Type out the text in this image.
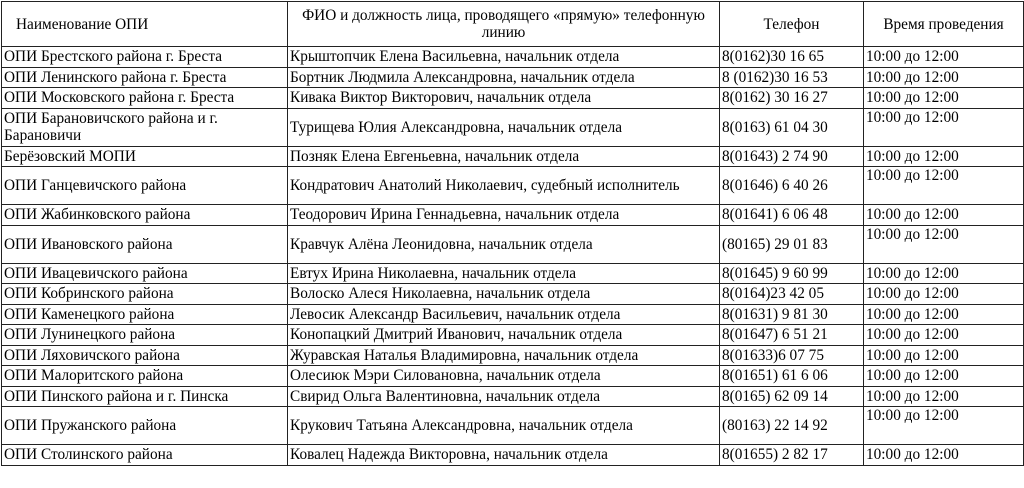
Наименование ОПИ	ФИО и должность лица, проводящего «прямую» телефонную линию	Телефон	Время проведения
ОПИ Брестского района г. Бреста	Крыштопчик Елена Васильевна, начальник отдела	8(0162)30 16 65	10:00 до 12:00
ОПИ Ленинского района г. Бреста	Бортник Людмила Александровна, начальник отдела	8 (0162)30 16 53	10:00 до 12:00
ОПИ Московского района г. Бреста	Кивака Виктор Викторович, начальник отдела	8(0162) 30 16 27	10:00 до 12:00
ОПИ Барановичского района и г. Барановичи	Турищева Юлия Александровна, начальник отдела	8(0163) 61 04 30	10:00 до 12:00
Берёзовский МОПИ	Позняк Елена Евгеньевна, начальник отдела	8(01643) 2 74 90	10:00 до 12:00
ОПИ Ганцевичского района	Кондратович Анатолий Николаевич, судебный исполнитель	8(01646) 6 40 26	10:00 до 12:00
ОПИ Жабинковского района	Теодорович Ирина Геннадьевна, начальник отдела	8(01641) 6 06 48	10:00 до 12:00
ОПИ Ивановского района	Кравчук Алёна Леонидовна, начальник отдела	(80165) 29 01 83	10:00 до 12:00
ОПИ Ивацевичского района	Евтух Ирина Николаевна, начальник отдела	8(01645) 9 60 99	10:00 до 12:00
ОПИ Кобринского района	Волоско Алеся Николаевна, начальник отдела	8(0164)23 42 05	10:00 до 12:00
ОПИ Каменецкого района	Левосик Александр Васильевич, начальник отдела	8(01631) 9 81 30	10:00 до 12:00
ОПИ Лунинецкого района	Конопацкий Дмитрий Иванович, начальник отдела	8(01647) 6 51 21	10:00 до 12:00
ОПИ Ляховичского района	Журавская Наталья Владимировна, начальник отдела	8(01633)6 07 75	10:00 до 12:00
ОПИ Малоритского района	Олесиюк Мэри Силовановна, начальник отдела	8(01651) 61 6 06	10:00 до 12:00
ОПИ Пинского района и г. Пинска	Свирид Ольга Валентиновна, начальник отдела	8(0165) 62 09 14	10:00 до 12:00
ОПИ Пружанского района	Крукович Татьяна Александровна, начальник отдела	(80163) 22 14 92	10:00 до 12:00
ОПИ Столинского района	Ковалец Надежда Викторовна, начальник отдела	8(01655) 2 82 17	10:00 до 12:00
